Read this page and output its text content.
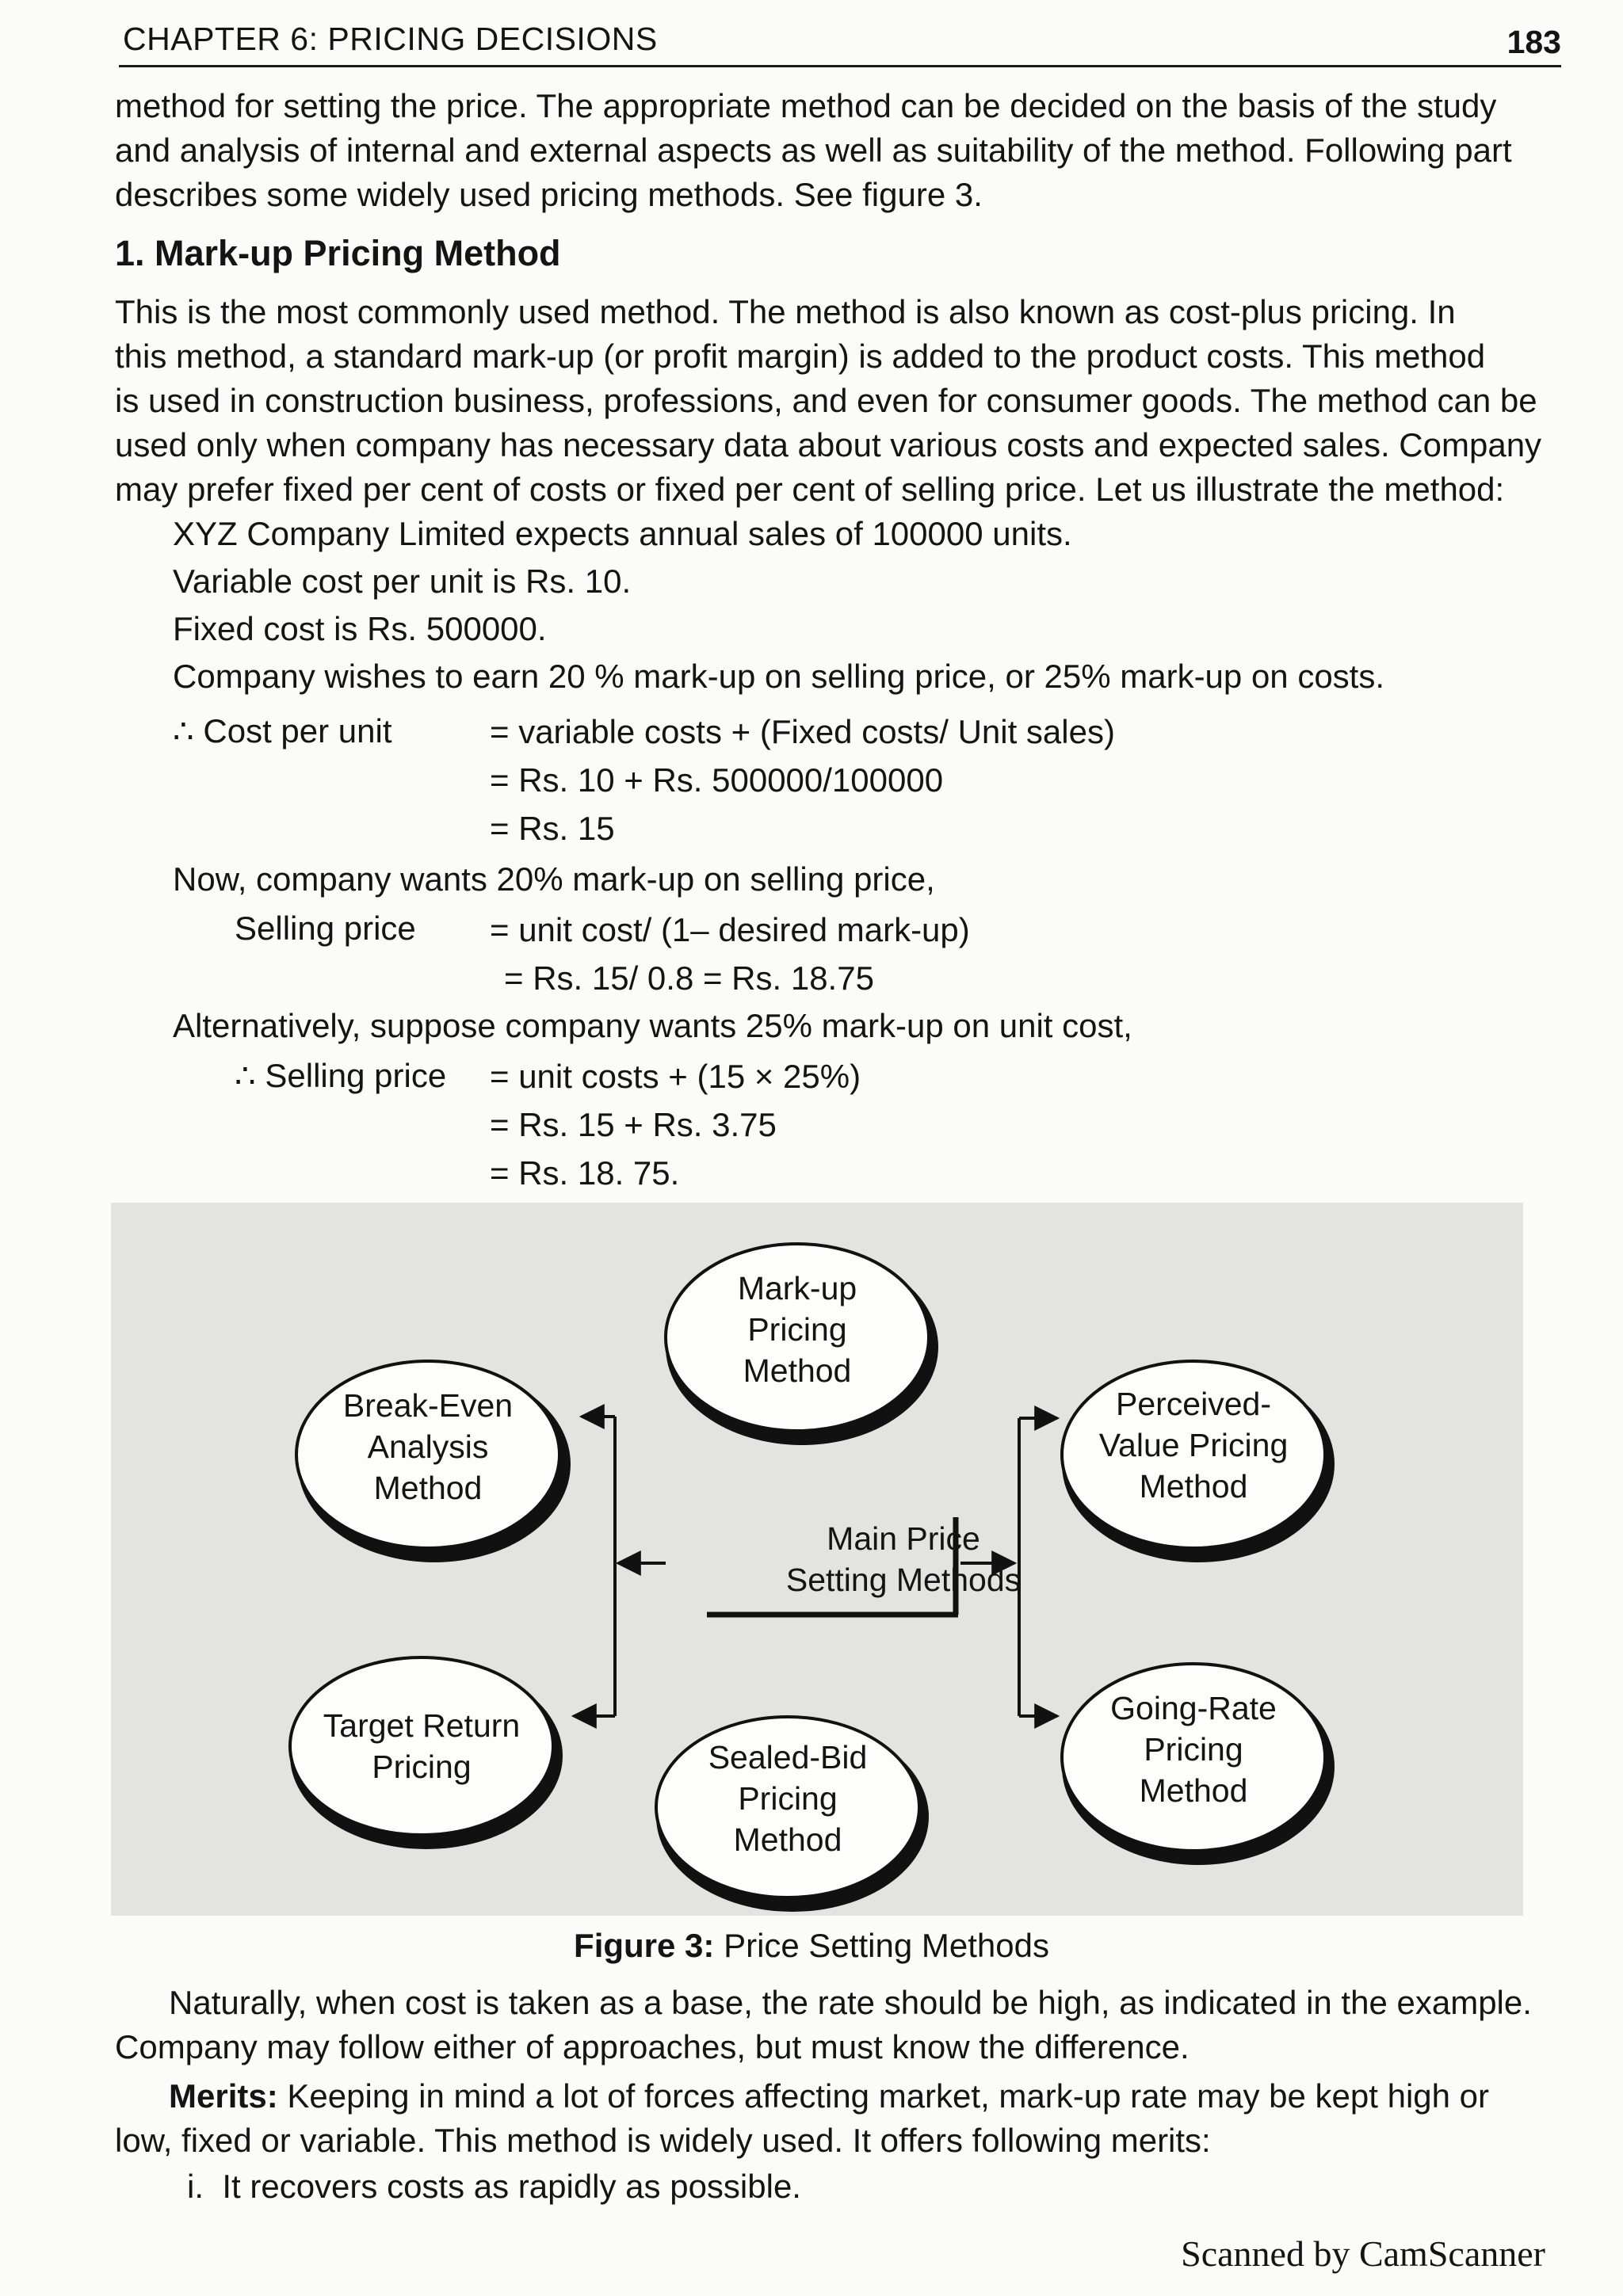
CHAPTER 6: PRICING DECISIONS	183

method for setting the price. The appropriate method can be decided on the basis of the study
and analysis of internal and external aspects as well as suitability of the method. Following part
describes some widely used pricing methods. See figure 3.

1. Mark-up Pricing Method

This is the most commonly used method. The method is also known as cost-plus pricing. In
this method, a standard mark-up (or profit margin) is added to the product costs. This method
is used in construction business, professions, and even for consumer goods. The method can be
used only when company has necessary data about various costs and expected sales. Company
may prefer fixed per cent of costs or fixed per cent of selling price. Let us illustrate the method:

XYZ Company Limited expects annual sales of 100000 units.
Variable cost per unit is Rs. 10.
Fixed cost is Rs. 500000.
Company wishes to earn 20 % mark-up on selling price, or 25% mark-up on costs.
∴ Cost per unit	= variable costs + (Fixed costs/ Unit sales)
= Rs. 10 + Rs. 500000/100000
= Rs. 15
Now, company wants 20% mark-up on selling price,
Selling price = unit cost/ (1– desired mark-up)
= Rs. 15/ 0.8 = Rs. 18.75
Alternatively, suppose company wants 25% mark-up on unit cost,
∴ Selling price = unit costs + (15 × 25%)
= Rs. 15 + Rs. 3.75
= Rs. 18. 75.
Mark-up
Pricing
Method
Break-Even
Analysis
Method
Perceived-
Value Pricing
Method
Main Price
Setting Methods
Target Return
Pricing
Going-Rate
Pricing
Method
Sealed-Bid
Pricing
Method
Figure 3: Price Setting Methods

Naturally, when cost is taken as a base, the rate should be high, as indicated in the example.
Company may follow either of approaches, but must know the difference.

Merits: Keeping in mind a lot of forces affecting market, mark-up rate may be kept high or
low, fixed or variable. This method is widely used. It offers following merits:

i. It recovers costs as rapidly as possible.
Scanned by CamScanner
